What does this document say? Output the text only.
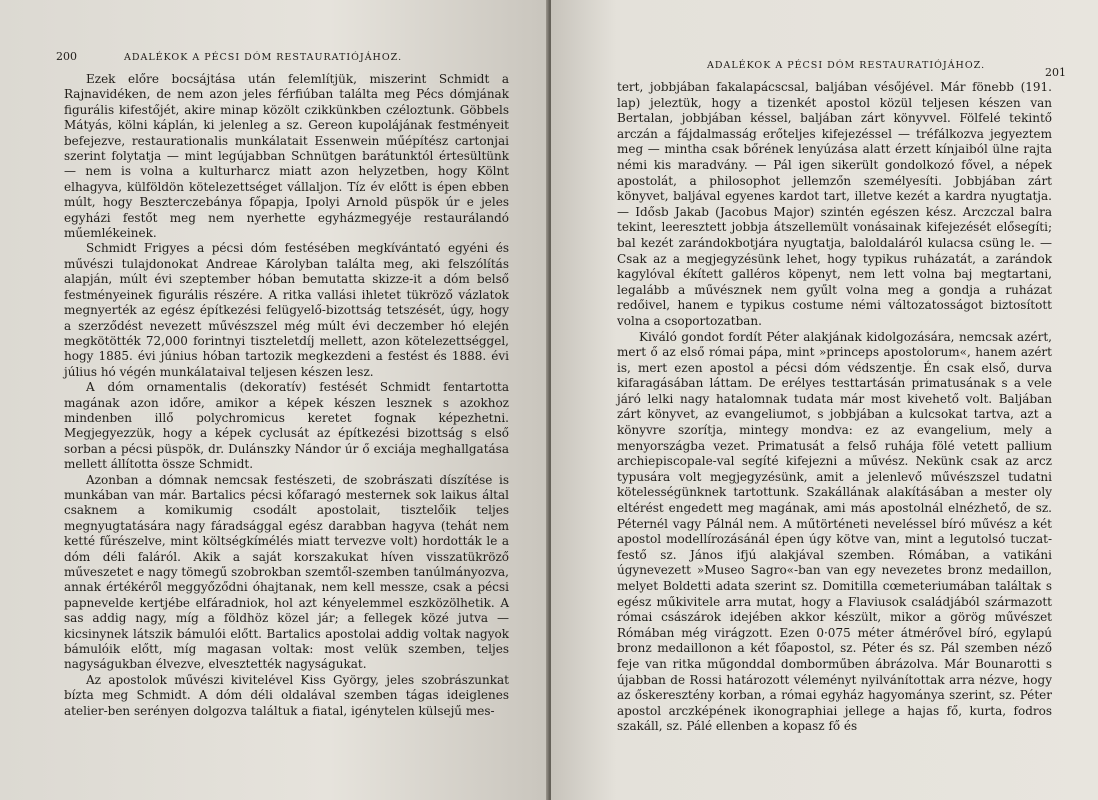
200	ADALÉKOK A PÉCSI DÓM RESTAURATIÓJÁHOZ.

Ezek előre bocsájtása után felemlítjük, miszerint Schmidt a Rajnavidéken, de nem azon jeles férfiúban találta meg Pécs dómjának figurális kifestőjét, akire minap közölt czikkünkben czéloztunk. Göbbels Mátyás, kölni káplán, ki jelenleg a sz. Gereon kupolájának festményeit befejezve, restaurationalis munkálatait Essenwein műépítész cartonjai szerint folytatja — mint legújabban Schnütgen barátunktól értesültünk — nem is volna a kulturharcz miatt azon helyzetben, hogy Kölnt elhagyva, külföldön kötelezettséget vállaljon. Tíz év előtt is épen ebben múlt, hogy Beszterczebánya főpapja, Ipolyi Arnold püspök úr e jeles egyházi festőt meg nem nyerhette egyházmegyéje restaurálandó műemlékeinek.

Schmidt Frigyes a pécsi dóm festésében megkívántató egyéni és művészi tulajdonokat Andreae Károlyban találta meg, aki felszólítás alapján, múlt évi szeptember hóban bemutatta skizze-it a dóm belső festményeinek figurális részére. A ritka vallási ihletet tükröző vázlatok megnyerték az egész építkezési felügyelő-bizottság tetszését, úgy, hogy a szerződést nevezett művészszel még múlt évi deczember hó elején megkötötték 72,000 forintnyi tiszteletdíj mellett, azon kötelezettséggel, hogy 1885. évi június hóban tartozik megkezdeni a festést és 1888. évi július hó végén munkálataival teljesen készen lesz.

A dóm ornamentalis (dekoratív) festését Schmidt fentartotta magának azon időre, amikor a képek készen lesznek s azokhoz mindenben illő polychromicus keretet fognak képezhetni. Megjegyezzük, hogy a képek cyclusát az építkezési bizottság s első sorban a pécsi püspök, dr. Dulánszky Nándor úr ő exciája meghallgatása mellett állította össze Schmidt.

Azonban a dómnak nemcsak festészeti, de szobrászati díszítése is munkában van már. Bartalics pécsi kőfaragó mesternek sok laikus által csaknem a komikumig csodált apostolait, tisztelőik teljes megnyugtatására nagy fáradsággal egész darabban hagyva (tehát nem ketté fűrészelve, mint költségkímélés miatt tervezve volt) hordották le a dóm déli faláról. Akik a saját korszakukat híven visszatükröző műveszetet e nagy tömegű szobrokban szemtől-szemben tanúlmányozva, annak értékéről meggyőződni óhajtanak, nem kell messze, csak a pécsi papnevelde kertjébe elfáradniok, hol azt kényelemmel eszközölhetik. A sas addig nagy, míg a földhöz közel jár; a fellegek közé jutva — kicsinynek látszik bámulói előtt. Bartalics apostolai addig voltak nagyok bámulóik előtt, míg magasan voltak: most velük szemben, teljes nagyságukban élvezve, elvesztették nagyságukat.

Az apostolok művészi kivitelével Kiss György, jeles szobrászunkat bízta meg Schmidt. A dóm déli oldalával szemben tágas ideiglenes atelier-ben serényen dolgozva találtuk a fiatal, igénytelen külsejű mes-

ADALÉKOK A PÉCSI DÓM RESTAURATIÓJÁHOZ.
201

tert, jobbjában fakalapácscsal, baljában vésőjével. Már fönebb (191. lap) jeleztük, hogy a tizenkét apostol közül teljesen készen van Bertalan, jobbjában késsel, baljában zárt könyvvel. Fölfelé tekintő arczán a fájdalmasság erőteljes kifejezéssel — tréfálkozva jegyeztem meg — mintha csak bőrének lenyúzása alatt érzett kínjaiból ülne rajta némi kis maradvány. — Pál igen sikerült gondolkozó fővel, a népek apostolát, a philosophot jellemzőn személyesíti. Jobbjában zárt könyvet, baljával egyenes kardot tart, illetve kezét a kardra nyugtatja. — Idősb Jakab (Jacobus Major) szintén egészen kész. Arczczal balra tekint, leeresztett jobbja átszellemült vonásainak kifejezését elősegíti; bal kezét zarándokbotjára nyugtatja, baloldaláról kulacsa csüng le. — Csak az a megjegyzésünk lehet, hogy typikus ruházatát, a zarándok kagylóval ékített galléros köpenyt, nem lett volna baj megtartani, legalább a művésznek nem gyűlt volna meg a gondja a ruházat redőivel, hanem e typikus costume némi változatosságot biztosított volna a csoportozatban.

Kiváló gondot fordít Péter alakjának kidolgozására, nemcsak azért, mert ő az első római pápa, mint »princeps apostolorum«, hanem azért is, mert ezen apostol a pécsi dóm védszentje. Én csak első, durva kifaragásában láttam. De erélyes testtartásán primatusának s a vele járó lelki nagy hatalomnak tudata már most kivehető volt. Baljában zárt könyvet, az evangeliumot, s jobbjában a kulcsokat tartva, azt a könyvre szorítja, mintegy mondva: ez az evangelium, mely a menyországba vezet. Primatusát a felső ruhája fölé vetett pallium archiepiscopale-val segíté kifejezni a művész. Nekünk csak az arcz typusára volt megjegyzésünk, amit a jelenlevő művészszel tudatni kötelességünknek tartottunk. Szakállának alakításában a mester oly eltérést engedett meg magának, ami más apostolnál elnézhető, de sz. Péternél vagy Pálnál nem. A műtörténeti neveléssel bíró művész a két apostol modellírozásánál épen úgy kötve van, mint a legutolsó tuczat-festő sz. János ifjú alakjával szemben. Rómában, a vatikáni úgynevezett »Museo Sagro«-ban van egy nevezetes bronz medaillon, melyet Boldetti adata szerint sz. Domitilla cœmeteriumában találtak s egész műkivitele arra mutat, hogy a Flaviusok családjából származott római császárok idejében akkor készült, mikor a görög művészet Rómában még virágzott. Ezen 0·075 méter átmérővel bíró, egylapú bronz medaillonon a két főapostol, sz. Péter és sz. Pál szemben néző feje van ritka műgonddal domborműben ábrázolva. Már Bounarotti s újabban de Rossi határozott véleményt nyilvánítottak arra nézve, hogy az őskeresztény korban, a római egyház hagyománya szerint, sz. Péter apostol arczképének ikonographiai jellege a hajas fő, kurta, fodros szakáll, sz. Pálé ellenben a kopasz fő és
